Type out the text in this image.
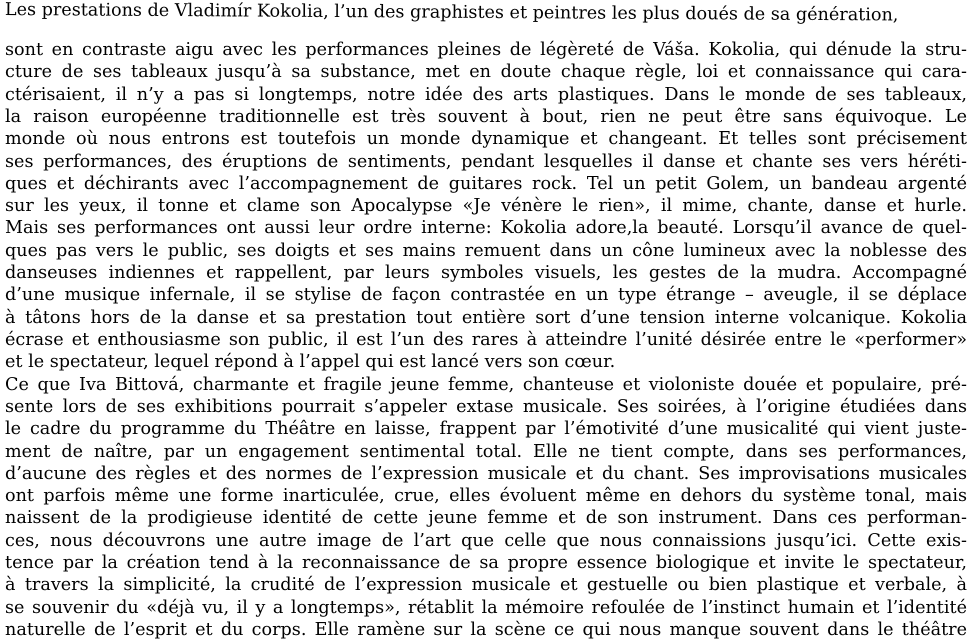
Les prestations de Vladimír Kokolia, l’un des graphistes et peintres les plus doués de sa génération,
sont en contraste aigu avec les performances pleines de légèreté de Váša. Kokolia, qui dénude la stru-
cture de ses tableaux jusqu’à sa substance, met en doute chaque règle, loi et connaissance qui cara-
ctérisaient, il n’y a pas si longtemps, notre idée des arts plastiques. Dans le monde de ses tableaux,
la raison européenne traditionnelle est très souvent à bout, rien ne peut être sans équivoque. Le
monde où nous entrons est toutefois un monde dynamique et changeant. Et telles sont précisement
ses performances, des éruptions de sentiments, pendant lesquelles il danse et chante ses vers héréti-
ques et déchirants avec l’accompagnement de guitares rock. Tel un petit Golem, un bandeau argenté
sur les yeux, il tonne et clame son Apocalypse «Je vénère le rien», il mime, chante, danse et hurle.
Mais ses performances ont aussi leur ordre interne: Kokolia adore,la beauté. Lorsqu’il avance de quel-
ques pas vers le public, ses doigts et ses mains remuent dans un cône lumineux avec la noblesse des
danseuses indiennes et rappellent, par leurs symboles visuels, les gestes de la mudra. Accompagné
d’une musique infernale, il se stylise de façon contrastée en un type étrange – aveugle, il se déplace
à tâtons hors de la danse et sa prestation tout entière sort d’une tension interne volcanique. Kokolia
écrase et enthousiasme son public, il est l’un des rares à atteindre l’unité désirée entre le «performer»
et le spectateur, lequel répond à l’appel qui est lancé vers son cœur.
Ce que Iva Bittová, charmante et fragile jeune femme, chanteuse et violoniste douée et populaire, pré-
sente lors de ses exhibitions pourrait s’appeler extase musicale. Ses soirées, à l’origine étudiées dans
le cadre du programme du Théâtre en laisse, frappent par l’émotivité d’une musicalité qui vient juste-
ment de naître, par un engagement sentimental total. Elle ne tient compte, dans ses performances,
d’aucune des règles et des normes de l’expression musicale et du chant. Ses improvisations musicales
ont parfois même une forme inarticulée, crue, elles évoluent même en dehors du système tonal, mais
naissent de la prodigieuse identité de cette jeune femme et de son instrument. Dans ces performan-
ces, nous découvrons une autre image de l’art que celle que nous connaissions jusqu’ici. Cette exis-
tence par la création tend à la reconnaissance de sa propre essence biologique et invite le spectateur,
à travers la simplicité, la crudité de l’expression musicale et gestuelle ou bien plastique et verbale, à
se souvenir du «déjà vu, il y a longtemps», rétablit la mémoire refoulée de l’instinct humain et l’identité
naturelle de l’esprit et du corps. Elle ramène sur la scène ce qui nous manque souvent dans le théâtre
